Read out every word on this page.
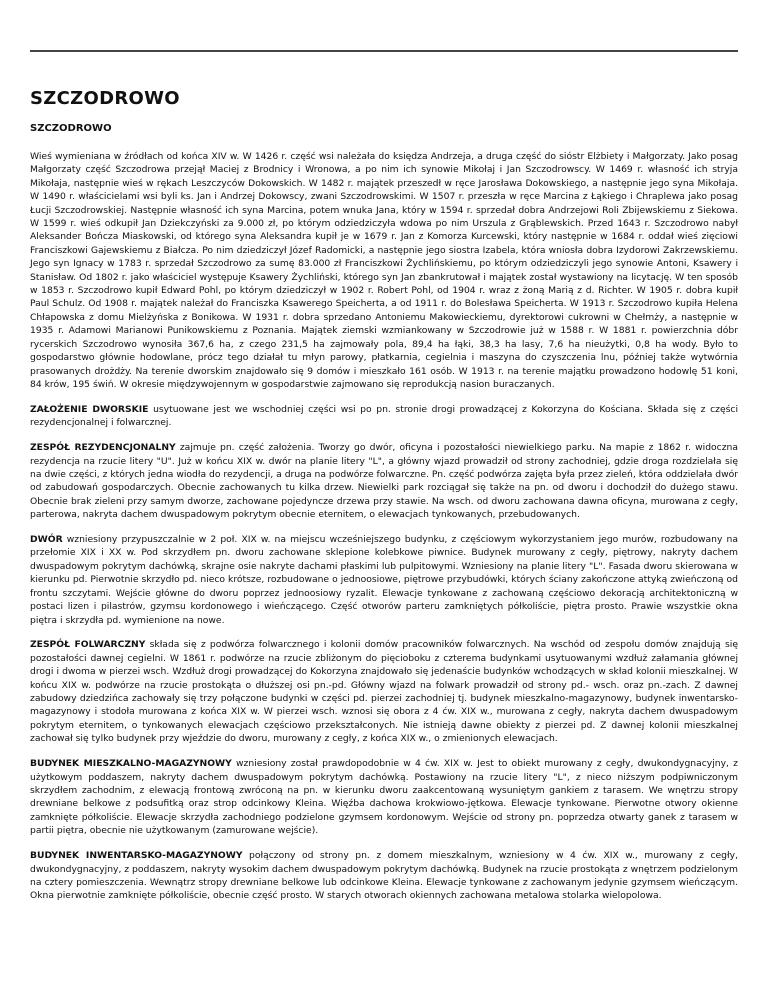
SZCZODROWO
SZCZODROWO

Wieś wymieniana w źródłach od końca XIV w. W 1426 r. część wsi należała do księdza Andrzeja, a druga część do sióstr Elżbiety i Małgorzaty. Jako posag Małgorzaty część Szczodrowa przejął Maciej z Brodnicy i Wronowa, a po nim ich synowie Mikołaj i Jan Szczodrowscy. W 1469 r. własność ich stryja Mikołaja, następnie wieś w rękach Leszczyców Dokowskich. W 1482 r. majątek przeszedł w ręce Jarosława Dokowskiego, a następnie jego syna Mikołaja. W 1490 r. właścicielami wsi byli ks. Jan i Andrzej Dokowscy, zwani Szczodrowskimi. W 1507 r. przeszła w ręce Marcina z Łąkiego i Chraplewa jako posag Łucji Szczodrowskiej. Następnie własność ich syna Marcina, potem wnuka Jana, który w 1594 r. sprzedał dobra Andrzejowi Roli Zbijewskiemu z Siekowa. W 1599 r. wieś odkupił Jan Dziekczyński za 9.000 zł, po którym odziedziczyła wdowa po nim Urszula z Grąblewskich. Przed 1643 r. Szczodrowo nabył Aleksander Bończa Miaskowski, od którego syna Aleksandra kupił je w 1679 r. Jan z Komorza Kurcewski, który następnie w 1684 r. oddał wieś zięciowi Franciszkowi Gajewskiemu z Białcza. Po nim dziedziczył Józef Radomicki, a następnie jego siostra Izabela, która wniosła dobra Izydorowi Zakrzewskiemu. Jego syn Ignacy w 1783 r. sprzedał Szczodrowo za sumę 83.000 zł Franciszkowi Żychlińskiemu, po którym odziedziczyli jego synowie Antoni, Ksawery i Stanisław. Od 1802 r. jako właściciel występuje Ksawery Żychliński, którego syn Jan zbankrutował i majątek został wystawiony na licytację. W ten sposób w 1853 r. Szczodrowo kupił Edward Pohl, po którym dziedziczył w 1902 r. Robert Pohl, od 1904 r. wraz z żoną Marią z d. Richter. W 1905 r. dobra kupił Paul Schulz. Od 1908 r. majątek należał do Franciszka Ksawerego Speicherta, a od 1911 r. do Bolesława Speicherta. W 1913 r. Szczodrowo kupiła Helena Chłapowska z domu Mielżyńska z Bonikowa. W 1931 r. dobra sprzedano Antoniemu Makowieckiemu, dyrektorowi cukrowni w Chełmży, a następnie w 1935 r. Adamowi Marianowi Punikowskiemu z Poznania. Majątek ziemski wzmiankowany w Szczodrowie już w 1588 r. W 1881 r. powierzchnia dóbr rycerskich Szczodrowo wynosiła 367,6 ha, z czego 231,5 ha zajmowały pola, 89,4 ha łąki, 38,3 ha lasy, 7,6 ha nieużytki, 0,8 ha wody. Było to gospodarstwo głównie hodowlane, prócz tego działał tu młyn parowy, płatkarnia, cegielnia i maszyna do czyszczenia lnu, później także wytwórnia prasowanych drożdży. Na terenie dworskim znajdowało się 9 domów i mieszkało 161 osób. W 1913 r. na terenie majątku prowadzono hodowlę 51 koni, 84 krów, 195 świń. W okresie międzywojennym w gospodarstwie zajmowano się reprodukcją nasion buraczanych.

ZAŁOŻENIE DWORSKIE usytuowane jest we wschodniej części wsi po pn. stronie drogi prowadzącej z Kokorzyna do Kościana. Składa się z części rezydencjonalnej i folwarcznej.

ZESPÓŁ REZYDENCJONALNY zajmuje pn. część założenia. Tworzy go dwór, oficyna i pozostałości niewielkiego parku. Na mapie z 1862 r. widoczna rezydencja na rzucie litery "U". Już w końcu XIX w. dwór na planie litery "L", a główny wjazd prowadził od strony zachodniej, gdzie droga rozdzielała się na dwie części, z których jedna wiodła do rezydencji, a druga na podwórze folwarczne. Pn. część podwórza zajęta była przez zieleń, która oddzielała dwór od zabudowań gospodarczych. Obecnie zachowanych tu kilka drzew. Niewielki park rozciągał się także na pn. od dworu i dochodził do dużego stawu. Obecnie brak zieleni przy samym dworze, zachowane pojedyncze drzewa przy stawie. Na wsch. od dworu zachowana dawna oficyna, murowana z cegły, parterowa, nakryta dachem dwuspadowym pokrytym obecnie eternitem, o elewacjach tynkowanych, przebudowanych.

DWÓR wzniesiony przypuszczalnie w 2 poł. XIX w. na miejscu wcześniejszego budynku, z częściowym wykorzystaniem jego murów, rozbudowany na przełomie XIX i XX w. Pod skrzydłem pn. dworu zachowane sklepione kolebkowe piwnice. Budynek murowany z cegły, piętrowy, nakryty dachem dwuspadowym pokrytym dachówką, skrajne osie nakryte dachami płaskimi lub pulpitowymi. Wzniesiony na planie litery "L". Fasada dworu skierowana w kierunku pd. Pierwotnie skrzydło pd. nieco krótsze, rozbudowane o jednoosiowe, piętrowe przybudówki, których ściany zakończone attyką zwieńczoną od frontu szczytami. Wejście główne do dworu poprzez jednoosiowy ryzalit. Elewacje tynkowane z zachowaną częściowo dekoracją architektoniczną w postaci lizen i pilastrów, gzymsu kordonowego i wieńczącego. Część otworów parteru zamkniętych półkoliście, piętra prosto. Prawie wszystkie okna piętra i skrzydła pd. wymienione na nowe.

ZESPÓŁ FOLWARCZNY składa się z podwórza folwarcznego i kolonii domów pracowników folwarcznych. Na wschód od zespołu domów znajdują się pozostałości dawnej cegielni. W 1861 r. podwórze na rzucie zbliżonym do pięcioboku z czterema budynkami usytuowanymi wzdłuż załamania głównej drogi i dwoma w pierzei wsch. Wzdłuż drogi prowadzącej do Kokorzyna znajdowało się jedenaście budynków wchodzących w skład kolonii mieszkalnej. W końcu XIX w. podwórze na rzucie prostokąta o dłuższej osi pn.-pd. Główny wjazd na folwark prowadził od strony pd.- wsch. oraz pn.-zach. Z dawnej zabudowy dziedzińca zachowały się trzy połączone budynki w części pd. pierzei zachodniej tj. budynek mieszkalno-magazynowy, budynek inwentarsko-magazynowy i stodoła murowana z końca XIX w. W pierzei wsch. wznosi się obora z 4 ćw. XIX w., murowana z cegły, nakryta dachem dwuspadowym pokrytym eternitem, o tynkowanych elewacjach częściowo przekształconych. Nie istnieją dawne obiekty z pierzei pd. Z dawnej kolonii mieszkalnej zachował się tylko budynek przy wjeździe do dworu, murowany z cegły, z końca XIX w., o zmienionych elewacjach.

BUDYNEK MIESZKALNO-MAGAZYNOWY wzniesiony został prawdopodobnie w 4 ćw. XIX w. Jest to obiekt murowany z cegły, dwukondygnacyjny, z użytkowym poddaszem, nakryty dachem dwuspadowym pokrytym dachówką. Postawiony na rzucie litery "L", z nieco niższym podpiwniczonym skrzydłem zachodnim, z elewacją frontową zwróconą na pn. w kierunku dworu zaakcentowaną wysuniętym gankiem z tarasem. We wnętrzu stropy drewniane belkowe z podsufitką oraz strop odcinkowy Kleina. Więźba dachowa krokwiowo-jętkowa. Elewacje tynkowane. Pierwotne otwory okienne zamknięte półkoliście. Elewacje skrzydła zachodniego podzielone gzymsem kordonowym. Wejście od strony pn. poprzedza otwarty ganek z tarasem w partii piętra, obecnie nie użytkowanym (zamurowane wejście).

BUDYNEK INWENTARSKO-MAGAZYNOWY połączony od strony pn. z domem mieszkalnym, wzniesiony w 4 ćw. XIX w., murowany z cegły, dwukondygnacyjny, z poddaszem, nakryty wysokim dachem dwuspadowym pokrytym dachówką. Budynek na rzucie prostokąta z wnętrzem podzielonym na cztery pomieszczenia. Wewnątrz stropy drewniane belkowe lub odcinkowe Kleina. Elewacje tynkowane z zachowanym jedynie gzymsem wieńczącym. Okna pierwotnie zamknięte półkoliście, obecnie część prosto. W starych otworach okiennych zachowana metalowa stolarka wielopolowa.
